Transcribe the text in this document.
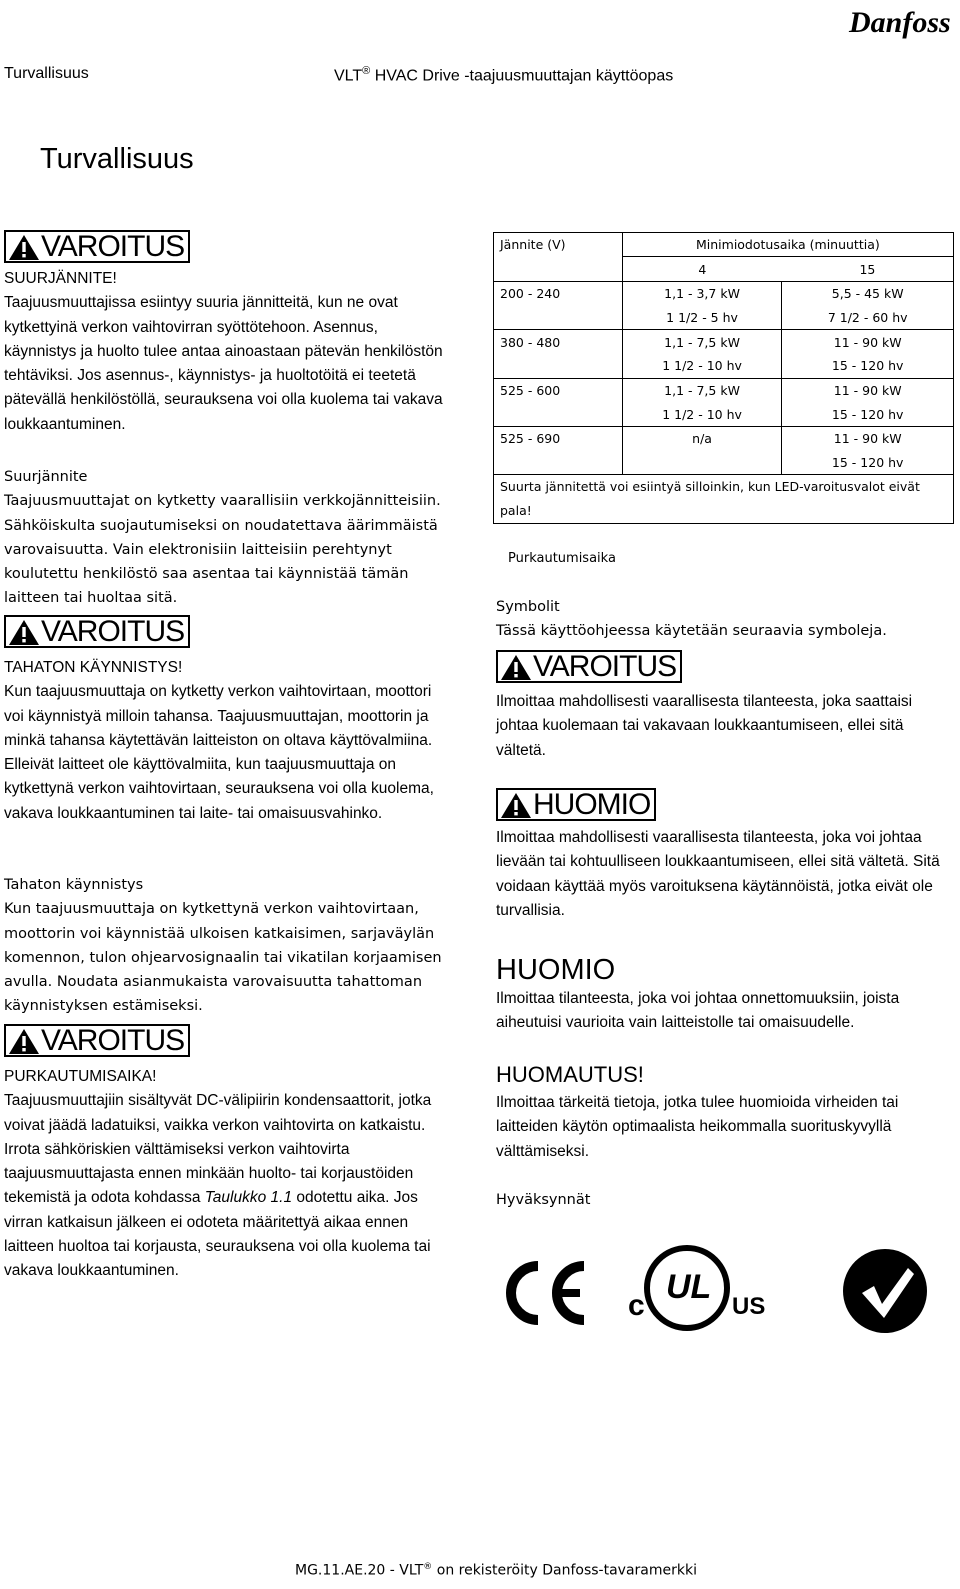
Turvallisuus	VLT® HVAC Drive -taajuusmuuttajan käyttöopas
Danfoss
Turvallisuus
VAROITUS
SUURJÄNNITE!
Taajuusmuuttajissa esiintyy suuria jännitteitä, kun ne ovat kytkettyinä verkon vaihtovirran syöttötehoon. Asennus, käynnistys ja huolto tulee antaa ainoastaan pätevän henkilöstön tehtäviksi. Jos asennus-, käynnistys- ja huoltotöitä ei teetetä pätevällä henkilöstöllä, seurauksena voi olla kuolema tai vakava loukkaantuminen.
Suurjännite
Taajuusmuuttajat on kytketty vaarallisiin verkkojännitteisiin. Sähköiskulta suojautumiseksi on noudatettava äärimmäistä varovaisuutta. Vain elektronisiin laitteisiin perehtynyt koulutettu henkilöstö saa asentaa tai käynnistää tämän laitteen tai huoltaa sitä.
VAROITUS
TAHATON KÄYNNISTYS!
Kun taajuusmuuttaja on kytketty verkon vaihtovirtaan, moottori voi käynnistyä milloin tahansa. Taajuusmuuttajan, moottorin ja minkä tahansa käytettävän laitteiston on oltava käyttövalmiina. Elleivät laitteet ole käyttövalmiita, kun taajuusmuuttaja on kytkettynä verkon vaihtovirtaan, seurauksena voi olla kuolema, vakava loukkaantuminen tai laite- tai omaisuusvahinko.
Tahaton käynnistys
Kun taajuusmuuttaja on kytkettynä verkon vaihtovirtaan, moottorin voi käynnistää ulkoisen katkaisimen, sarjaväylän komennon, tulon ohjearvosignaalin tai vikatilan korjaamisen avulla. Noudata asianmukaista varovaisuutta tahattoman käynnistyksen estämiseksi.
VAROITUS
PURKAUTUMISAIKA!
Taajuusmuuttajiin sisältyvät DC-välipiirin kondensaattorit, jotka voivat jäädä ladatuiksi, vaikka verkon vaihtovirta on katkaistu. Irrota sähköriskien välttämiseksi verkon vaihtovirta taajuusmuuttajasta ennen minkään huolto- tai korjaustöiden tekemistä ja odota kohdassa Taulukko 1.1 odotettu aika. Jos virran katkaisun jälkeen ei odoteta määritettyä aikaa ennen laitteen huoltoa tai korjausta, seurauksena voi olla kuolema tai vakava loukkaantuminen.
Jännite (V)	Minimiodotusaika (minuuttia)	
	4	15
200 - 240	1,1 - 3,7 kW	5,5 - 45 kW
	1 1/2 - 5 hv	7 1/2 - 60 hv
380 - 480	1,1 - 7,5 kW	11 - 90 kW
	1 1/2 - 10 hv	15 - 120 hv
525 - 600	1,1 - 7,5 kW	11 - 90 kW
	1 1/2 - 10 hv	15 - 120 hv
525 - 690	n/a	11 - 90 kW
		15 - 120 hv
Suurta jännitettä voi esiintyä silloinkin, kun LED-varoitusvalot eivät pala!		
Purkautumisaika
Symbolit
Tässä käyttöohjeessa käytetään seuraavia symboleja.
VAROITUS
Ilmoittaa mahdollisesti vaarallisesta tilanteesta, joka saattaisi johtaa kuolemaan tai vakavaan loukkaantumiseen, ellei sitä vältetä.
HUOMIO
Ilmoittaa mahdollisesti vaarallisesta tilanteesta, joka voi johtaa lievään tai kohtuulliseen loukkaantumiseen, ellei sitä vältetä. Sitä voidaan käyttää myös varoituksena käytännöistä, jotka eivät ole turvallisia.
HUOMIO
Ilmoittaa tilanteesta, joka voi johtaa onnettomuuksiin, joista aiheutuisi vaurioita vain laitteistolle tai omaisuudelle.
HUOMAUTUS!
Ilmoittaa tärkeitä tietoja, jotka tulee huomioida virheiden tai laitteiden käytön optimaalista heikommalla suorituskyvyllä välttämiseksi.
Hyväksynnät
c UL
US
MG.11.AE.20 - VLT® on rekisteröity Danfoss-tavaramerkki
